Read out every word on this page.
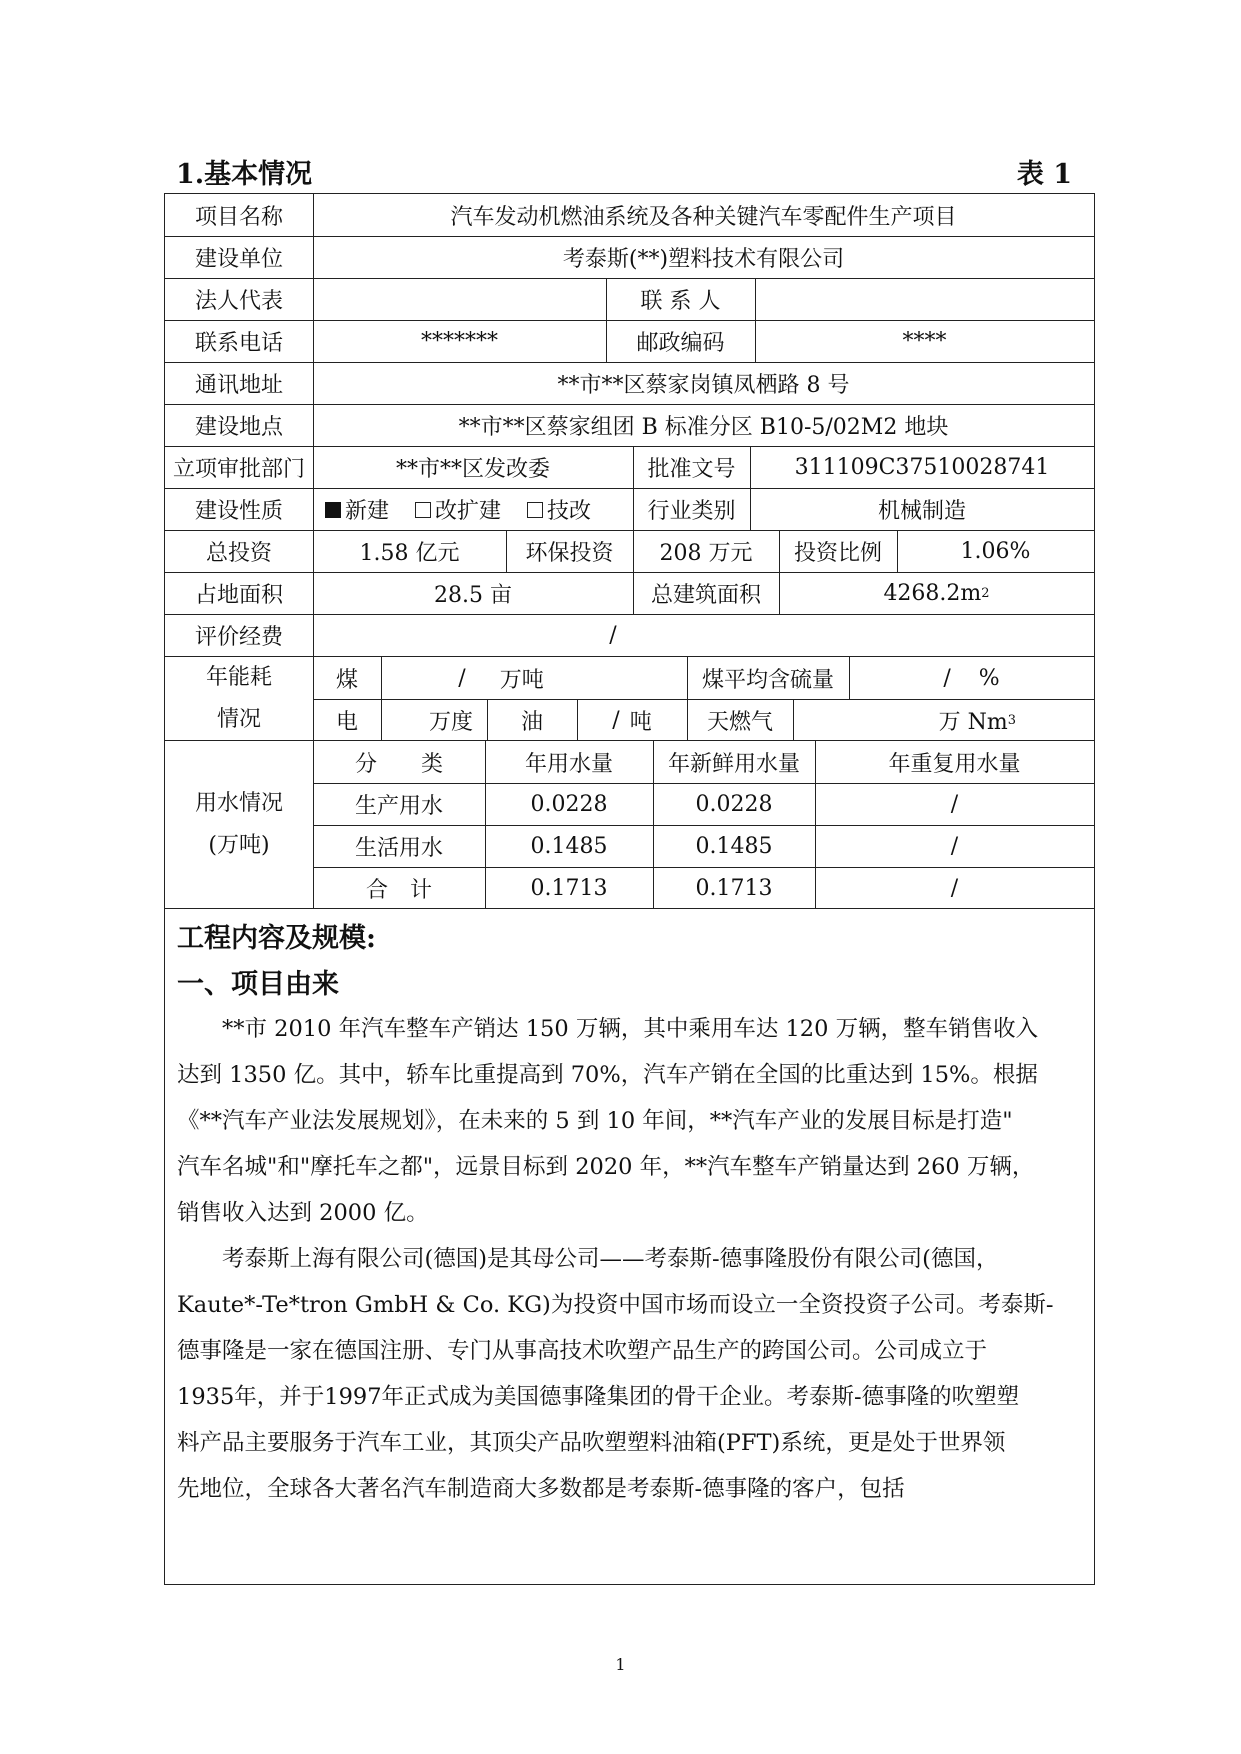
1.基本情况	表 1
项目名称	汽车发动机燃油系统及各种关键汽车零配件生产项目
建设单位	考泰斯(**)塑料技术有限公司
法人代表	联 系 人
联系电话	*******	邮政编码	****
通讯地址	**市**区蔡家岗镇凤栖路 8 号
建设地点	**市**区蔡家组团 B 标准分区 B10-5/02M2 地块
立项审批部门	**市**区发改委	批准文号	311109C37510028741
建设性质	新建 改扩建 技改	行业类别	机械制造
总投资	1.58 亿元	环保投资	208 万元	投资比例	1.06%
占地面积	28.5 亩	总建筑面积	4268.2m 2
评价经费	/
年能耗
情况
煤	/ 万吨	煤平均含硫量	/ %
电	万度	油	/ 吨	天燃气	万 Nm 3
用水情况
(万吨)
分　　类	年用水量	年新鲜用水量	年重复用水量
生产用水	0.0228	0.0228	/
生活用水	0.1485	0.1485	/
合　计	0.1713	0.1713	/
工程内容及规模:
一、项目由来
**市 2010 年汽车整车产销达 150 万辆，其中乘用车达 120 万辆，整车销售收入
达到 1350 亿。其中，轿车比重提高到 70%，汽车产销在全国的比重达到 15%。根据
《**汽车产业法发展规划》，在未来的 5 到 10 年间，**汽车产业的发展目标是打造"
汽车名城"和"摩托车之都"，远景目标到 2020 年，**汽车整车产销量达到 260 万辆，
销售收入达到 2000 亿。
考泰斯上海有限公司(德国)是其母公司——考泰斯-德事隆股份有限公司(德国，
Kaute*-Te*tron GmbH & Co. KG)为投资中国市场而设立一全资投资子公司。考泰斯-
德事隆是一家在德国注册、专门从事高技术吹塑产品生产的跨国公司。公司成立于
1935年，并于1997年正式成为美国德事隆集团的骨干企业。考泰斯-德事隆的吹塑塑
料产品主要服务于汽车工业，其顶尖产品吹塑塑料油箱(PFT)系统，更是处于世界领
先地位，全球各大著名汽车制造商大多数都是考泰斯-德事隆的客户，包括
1
